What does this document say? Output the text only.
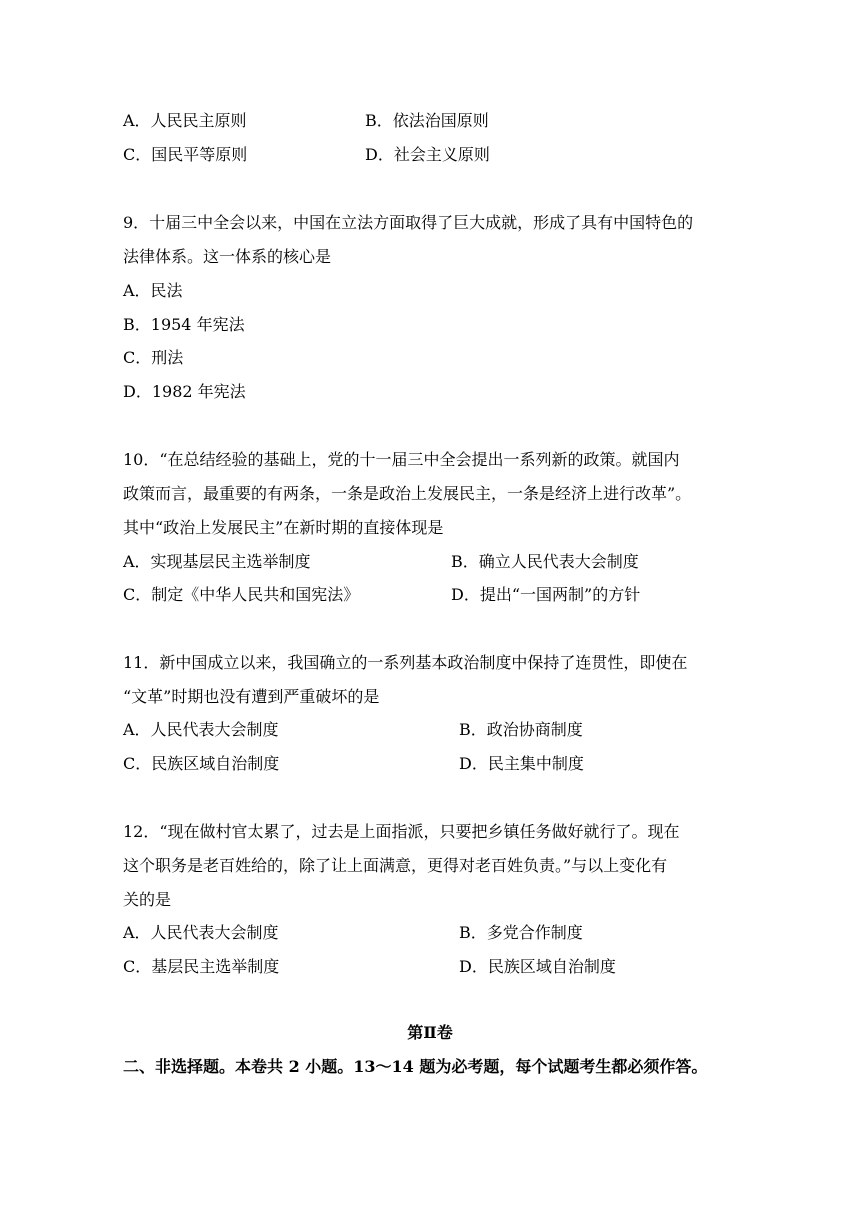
A．人民民主原则	B．依法治国原则
C．国民平等原则	D．社会主义原则
9．十届三中全会以来，中国在立法方面取得了巨大成就，形成了具有中国特色的
法律体系。这一体系的核心是
A．民法
B．1954 年宪法
C．刑法
D．1982 年宪法
10．“在总结经验的基础上，党的十一届三中全会提出一系列新的政策。就国内
政策而言，最重要的有两条，一条是政治上发展民主，一条是经济上进行改革”。
其中“政治上发展民主”在新时期的直接体现是
A．实现基层民主选举制度	B．确立人民代表大会制度
C．制定《中华人民共和国宪法》	D．提出“一国两制”的方针
11．新中国成立以来，我国确立的一系列基本政治制度中保持了连贯性，即使在
“文革”时期也没有遭到严重破坏的是
A．人民代表大会制度	B．政治协商制度
C．民族区域自治制度	D．民主集中制度
12．“现在做村官太累了，过去是上面指派，只要把乡镇任务做好就行了。现在
这个职务是老百姓给的，除了让上面满意，更得对老百姓负责。”与以上变化有
关的是
A．人民代表大会制度	B．多党合作制度
C．基层民主选举制度	D．民族区域自治制度
第Ⅱ卷
二、非选择题。本卷共 2 小题。13～14 题为必考题，每个试题考生都必须作答。
